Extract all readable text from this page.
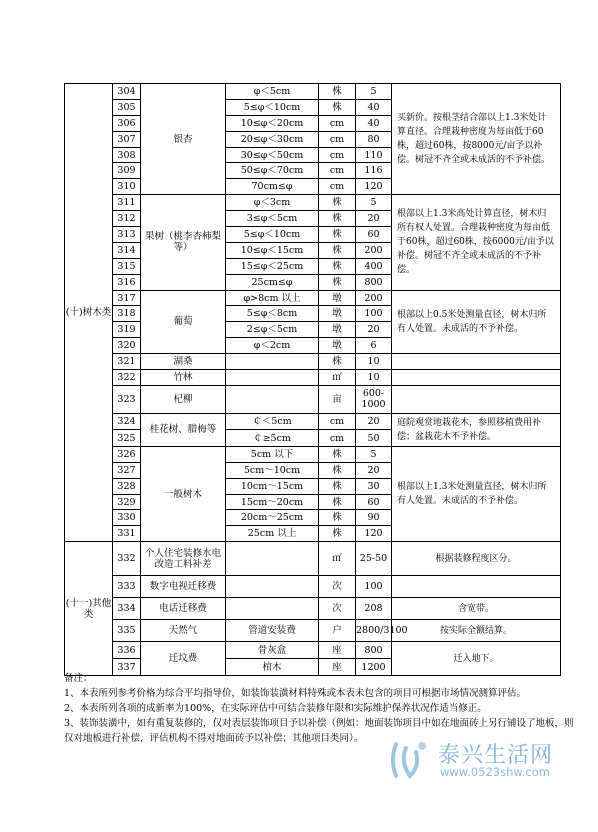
(十)树木类	304	银杏	φ＜5cm	株	5	买新价。按根茎结合部以上1.3米处计算直径。合理栽种密度为每亩低于60株，超过60株，按8000元/亩予以补偿。树冠不齐全或未成活的不予补偿。
	305		5≤φ＜10cm	株	40	
	306		10≤φ＜20cm	cm	40	
	307		20≤φ＜30cm	cm	80	
	308		30≤φ＜50cm	cm	110	
	309		50≤φ＜70cm	cm	116	
	310		70cm≤φ	cm	120	
	311	果树（桃李杏柿梨等）	φ＜3cm	株	5	根部以上1.3米高处计算直径，树木归所有权人处置。合理栽种密度为每亩低于60株，超过60株，按6000元/亩予以补偿。树冠不齐全或未成活的不予补偿。
	312		3≤φ＜5cm	株	20	
	313		5≤φ＜10cm	株	60	
	314		10≤φ＜15cm	株	200	
	315		15≤φ＜25cm	株	400	
	316		25cm≤φ	株	800	
	317	葡萄	φ>8cm 以上	墩	200	根部以上0.5米处测量直径，树木归所有人处置。未成活的不予补偿。
	318		5≤φ＜8cm	墩	100	
	319		2≤φ＜5cm	墩	20	
	320		φ＜2cm	墩	6	
	321	湖桑		株	10	
	322	竹林		㎡	10	
	323	杞柳		亩	600-1000	
	324	桂花树、腊梅等	￠＜5cm	cm	20	庭院观赏地栽花木，参照移植费用补偿；盆栽花木不予补偿。
	325		￠≥5cm	cm	50	
	326	一般树木	5cm 以下	株	5	根部以上1.3米处测量直径，树木归所有人处置。未成活的不予补偿。
	327		5cm～10cm	株	20	
	328		10cm～15cm	株	30	
	329		15cm～20cm	株	60	
	330		20cm～25cm	株	90	
	331		25cm 以上	株	120	
(十一)其他类	332	个人住宅装修水电改造工料补差		㎡	25-50	根据装修程度区分。
	333	数字电视迁移费		次	100	
	334	电话迁移费		次	208	含宽带。
	335	天然气	管道安装费	户	2800/3100	按实际全额结算。
	336	迁坟费	骨灰盒	座	800	迁入地下。
	337		棺木	座	1200	
备注：
1、本表所列参考价格为综合平均指导价，如装饰装潢材料特殊或本表未包含的项目可根据市场情况测算评估。
2、本表所列各项的成新率为100%，在实际评估中可结合装修年限和实际维护保养状况作适当修正。
3、装饰装潢中，如有重复装修的，仅对表层装饰项目予以补偿（例如：地面装饰项目中如在地面砖上另行铺设了地板，则仅对地板进行补偿，评估机构不得对地面砖予以补偿；其他项目类同）。
泰兴生活网
www.0523shw.com
